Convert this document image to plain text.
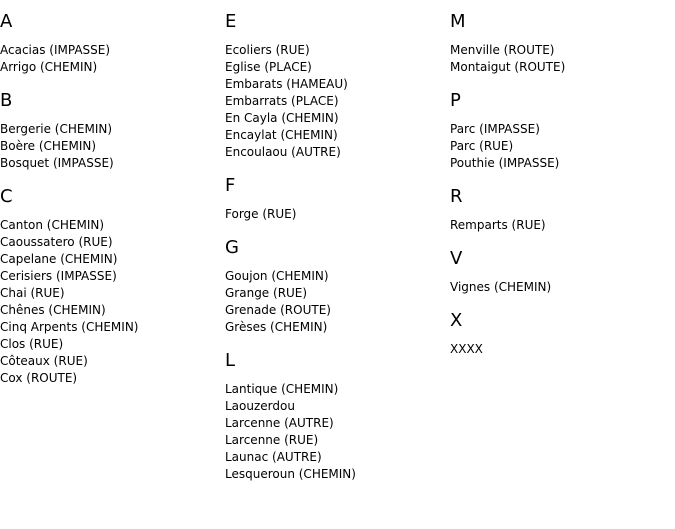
A
Acacias (IMPASSE)
Arrigo (CHEMIN)
B
Bergerie (CHEMIN)
Boère (CHEMIN)
Bosquet (IMPASSE)
C
Canton (CHEMIN)
Caoussatero (RUE)
Capelane (CHEMIN)
Cerisiers (IMPASSE)
Chai (RUE)
Chênes (CHEMIN)
Cinq Arpents (CHEMIN)
Clos (RUE)
Côteaux (RUE)
Cox (ROUTE)
E
Ecoliers (RUE)
Eglise (PLACE)
Embarats (HAMEAU)
Embarrats (PLACE)
En Cayla (CHEMIN)
Encaylat (CHEMIN)
Encoulaou (AUTRE)
F
Forge (RUE)
G
Goujon (CHEMIN)
Grange (RUE)
Grenade (ROUTE)
Grèses (CHEMIN)
L
Lantique (CHEMIN)
Laouzerdou
Larcenne (AUTRE)
Larcenne (RUE)
Launac (AUTRE)
Lesqueroun (CHEMIN)
M
Menville (ROUTE)
Montaigut (ROUTE)
P
Parc (IMPASSE)
Parc (RUE)
Pouthie (IMPASSE)
R
Remparts (RUE)
V
Vignes (CHEMIN)
X
XXXX
